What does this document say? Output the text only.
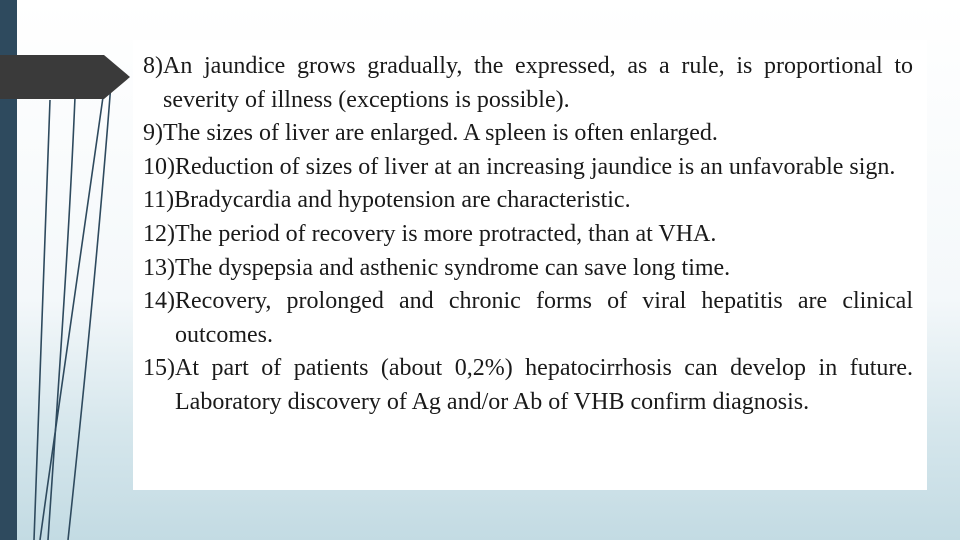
8) An jaundice grows gradually, the expressed, as a rule, is proportional to severity of illness (exceptions is possible).
9) The sizes of liver are enlarged. A spleen is often enlarged.
10) Reduction of sizes of liver at an increasing jaundice is an unfavorable sign.
11) Bradycardia and hypotension are characteristic.
12) The period of recovery is more protracted, than at VHA.
13) The dyspepsia and asthenic syndrome can save long time.
14) Recovery, prolonged and chronic forms of viral hepatitis are clinical outcomes.
15) At part of patients (about 0,2%) hepatocirrhosis can develop in future. Laboratory discovery of Ag and/or Ab of VHB confirm diagnosis.
